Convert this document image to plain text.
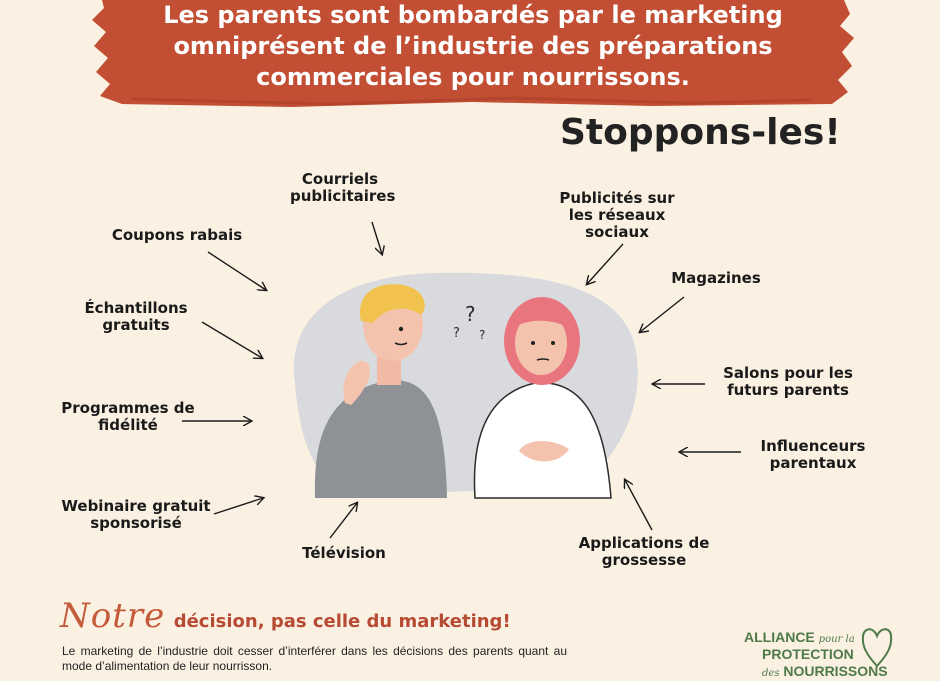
Les parents sont bombardés par le marketing
omniprésent de l’industrie des préparations
commerciales pour nourrissons.
Stoppons-les!
?
? ?
Courriels
publicitaires
Coupons rabais
Échantillons
gratuits
Programmes de
fidélité
Webinaire gratuit
sponsorisé
Télévision
Publicités sur
les réseaux
sociaux
Magazines
Salons pour les
futurs parents
Influenceurs
parentaux
Applications de
grossesse
Notre décision, pas celle du marketing!
Le marketing de l’industrie doit cesser d’interférer dans les décisions des parents quant au mode d’alimentation de leur nourrisson.
ALLIANCE pour la
PROTECTION
des NOURRISSONS
